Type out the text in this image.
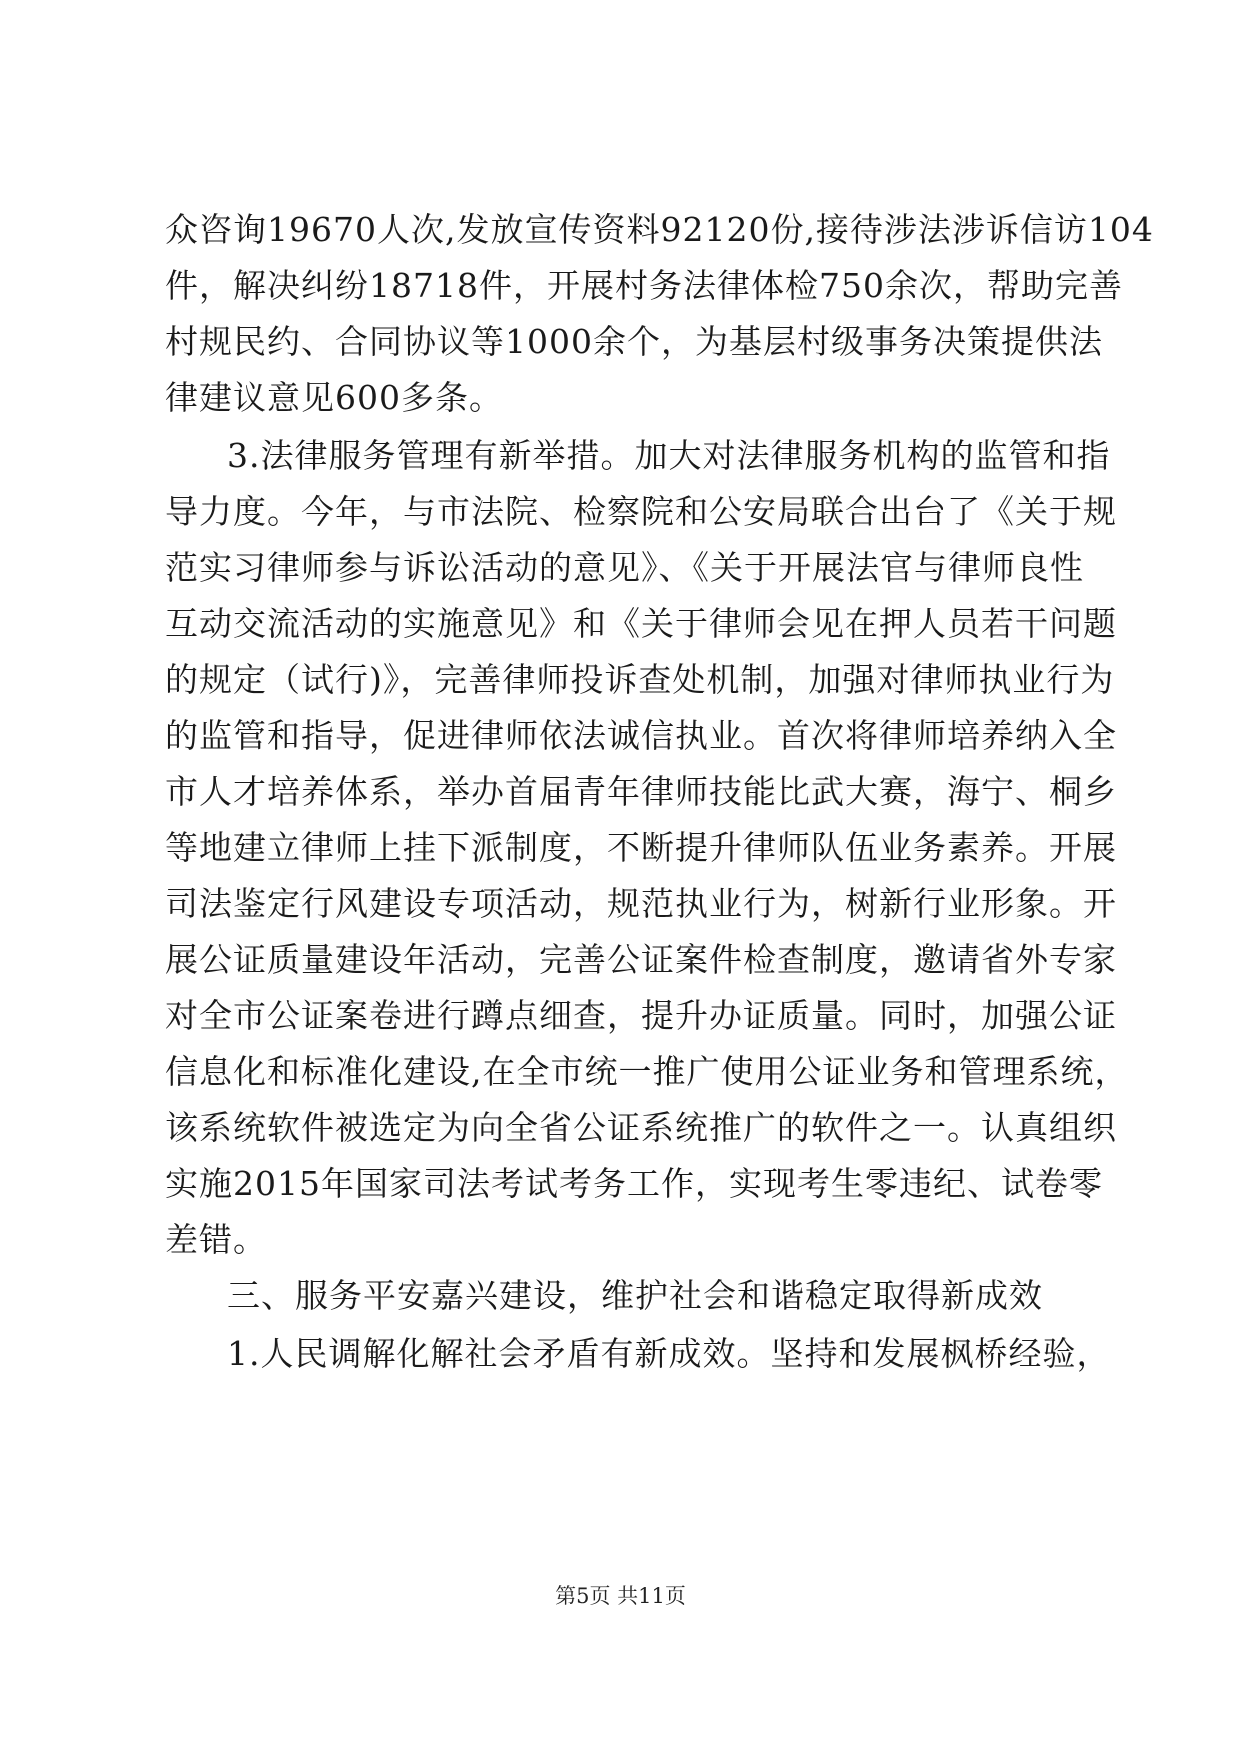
众咨询19670人次,发放宣传资料92120份,接待涉法涉诉信访104
件，解决纠纷18718件，开展村务法律体检750余次，帮助完善
村规民约、合同协议等1000余个，为基层村级事务决策提供法
律建议意见600多条。
3.法律服务管理有新举措。加大对法律服务机构的监管和指
导力度。今年，与市法院、检察院和公安局联合出台了《关于规
范实习律师参与诉讼活动的意见》、《关于开展法官与律师良性
互动交流活动的实施意见》和《关于律师会见在押人员若干问题
的规定（试行)》，完善律师投诉查处机制，加强对律师执业行为
的监管和指导，促进律师依法诚信执业。首次将律师培养纳入全
市人才培养体系，举办首届青年律师技能比武大赛，海宁、桐乡
等地建立律师上挂下派制度，不断提升律师队伍业务素养。开展
司法鉴定行风建设专项活动，规范执业行为，树新行业形象。开
展公证质量建设年活动，完善公证案件检查制度，邀请省外专家
对全市公证案卷进行蹲点细查，提升办证质量。同时，加强公证
信息化和标准化建设,在全市统一推广使用公证业务和管理系统，
该系统软件被选定为向全省公证系统推广的软件之一。认真组织
实施2015年国家司法考试考务工作，实现考生零违纪、试卷零
差错。
三、服务平安嘉兴建设，维护社会和谐稳定取得新成效
1.人民调解化解社会矛盾有新成效。坚持和发展枫桥经验，
第5页 共11页
